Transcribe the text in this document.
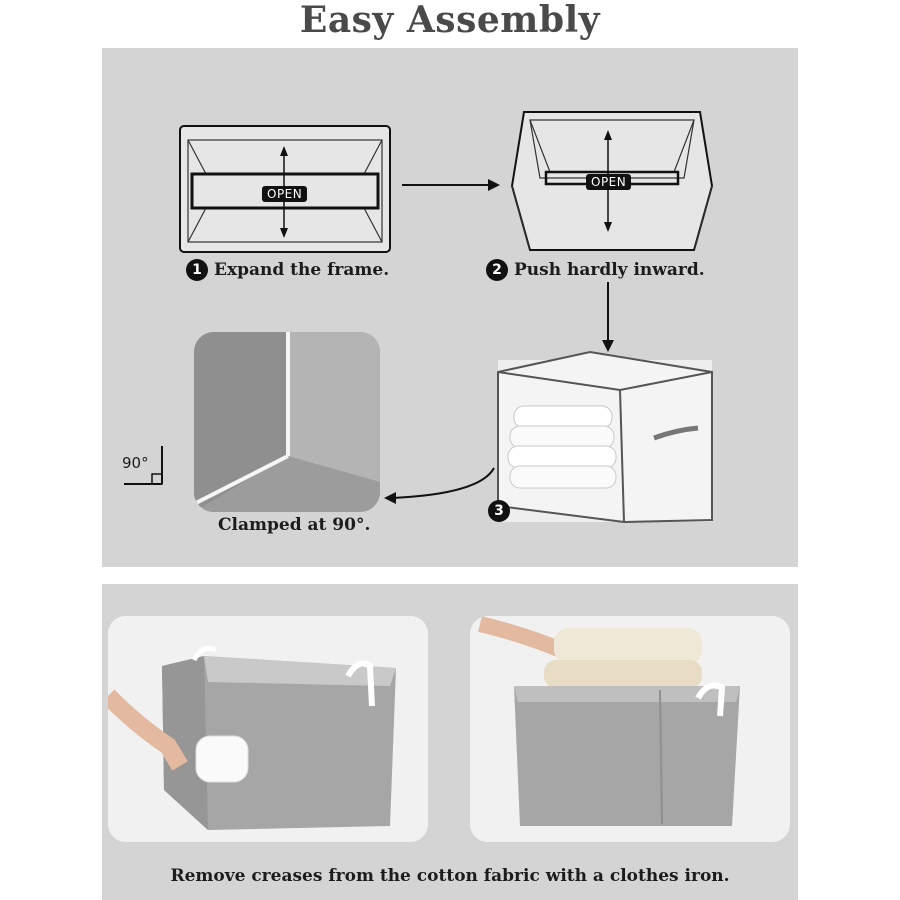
Easy Assembly
OPEN
OPEN
1 Expand the frame.	2 Push hardly inward.
3
90°
Clamped at 90°.
Remove creases from the cotton fabric with a clothes iron.
